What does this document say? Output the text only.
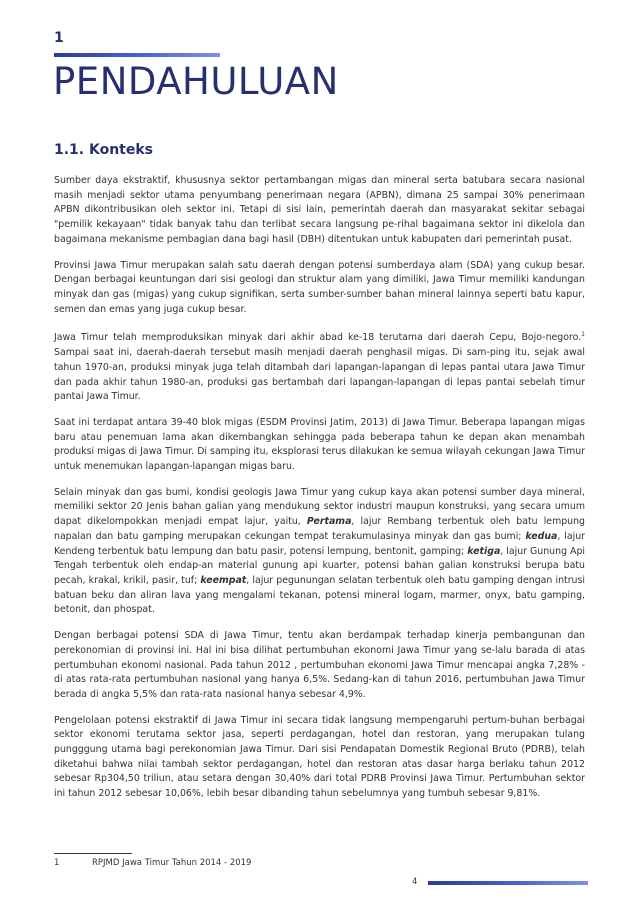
1
PENDAHULUAN
1.1. Konteks

Sumber daya ekstraktif, khususnya sektor pertambangan migas dan mineral serta batubara secara nasional masih menjadi sektor utama penyumbang penerimaan negara (APBN), dimana 25 sampai 30% penerimaan APBN dikontribusikan oleh sektor ini. Tetapi di sisi lain, pemerintah daerah dan masyarakat sekitar sebagai "pemilik kekayaan" tidak banyak tahu dan terlibat secara langsung pe-rihal bagaimana sektor ini dikelola dan bagaimana mekanisme pembagian dana bagi hasil (DBH) ditentukan untuk kabupaten dari pemerintah pusat.

Provinsi Jawa Timur merupakan salah satu daerah dengan potensi sumberdaya alam (SDA) yang cukup besar. Dengan berbagai keuntungan dari sisi geologi dan struktur alam yang dimiliki, Jawa Timur memiliki kandungan minyak dan gas (migas) yang cukup signifikan, serta sumber-sumber bahan mineral lainnya seperti batu kapur, semen dan emas yang juga cukup besar.

Jawa Timur telah memproduksikan minyak dari akhir abad ke-18 terutama dari daerah Cepu, Bojo-negoro.$^1$ Sampai saat ini, daerah-daerah tersebut masih menjadi daerah penghasil migas. Di sam-ping itu, sejak awal tahun 1970-an, produksi minyak juga telah ditambah dari lapangan-lapangan di lepas pantai utara Jawa Timur dan pada akhir tahun 1980-an, produksi gas bertambah dari lapangan-lapangan di lepas pantai sebelah timur pantai Jawa Timur.

Saat ini terdapat antara 39-40 blok migas (ESDM Provinsi Jatim, 2013) di Jawa Timur. Beberapa lapangan migas baru atau penemuan lama akan dikembangkan sehingga pada beberapa tahun ke depan akan menambah produksi migas di Jawa Timur. Di samping itu, eksplorasi terus dilakukan ke semua wilayah cekungan Jawa Timur untuk menemukan lapangan-lapangan migas baru.

Selain minyak dan gas bumi, kondisi geologis Jawa Timur yang cukup kaya akan potensi sumber daya mineral, memiliki sektor 20 Jenis bahan galian yang mendukung sektor industri maupun konstruksi, yang secara umum dapat dikelompokkan menjadi empat lajur, yaitu, Pertama, lajur Rembang terbentuk oleh batu lempung napalan dan batu gamping merupakan cekungan tempat terakumulasinya minyak dan gas bumi; kedua, lajur Kendeng terbentuk batu lempung dan batu pasir, potensi lempung, bentonit, gamping; ketiga, lajur Gunung Api Tengah terbentuk oleh endap-an material gunung api kuarter, potensi bahan galian konstruksi berupa batu pecah, krakal, krikil, pasir, tuf; keempat, lajur pegunungan selatan terbentuk oleh batu gamping dengan intrusi batuan beku dan aliran lava yang mengalami tekanan, potensi mineral logam, marmer, onyx, batu gamping, betonit, dan phospat.

Dengan berbagai potensi SDA di Jawa Timur, tentu akan berdampak terhadap kinerja pembangunan dan perekonomian di provinsi ini. Hal ini bisa dilihat pertumbuhan ekonomi Jawa Timur yang se-lalu barada di atas pertumbuhan ekonomi nasional. Pada tahun 2012 , pertumbuhan ekonomi Jawa Timur mencapai angka 7,28% - di atas rata-rata pertumbuhan nasional yang hanya 6,5%. Sedang-kan di tahun 2016, pertumbuhan Jawa Timur berada di angka 5,5% dan rata-rata nasional hanya sebesar 4,9%.

Pengelolaan potensi ekstraktif di Jawa Timur ini secara tidak langsung mempengaruhi pertum-buhan berbagai sektor ekonomi terutama sektor jasa, seperti perdagangan, hotel dan restoran, yang merupakan tulang pungggung utama bagi perekonomian Jawa Timur. Dari sisi Pendapatan Domestik Regional Bruto (PDRB), telah diketahui bahwa nilai tambah sektor perdagangan, hotel dan restoran atas dasar harga berlaku tahun 2012 sebesar Rp304,50 triliun, atau setara dengan 30,40% dari total PDRB Provinsi Jawa Timur. Pertumbuhan sektor ini tahun 2012 sebesar 10,06%, lebih besar dibanding tahun sebelumnya yang tumbuh sebesar 9,81%.

1	RPJMD Jawa Timur Tahun 2014 - 2019
4
